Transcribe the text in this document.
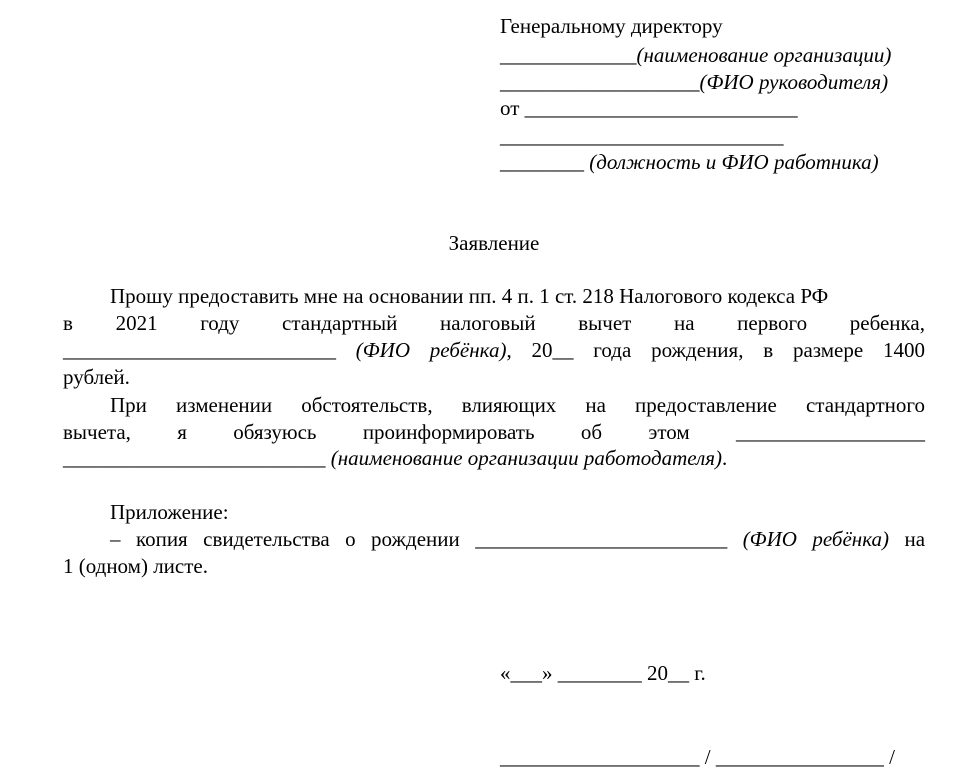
Генеральному директору
_____________(наименование организации)
___________________(ФИО руководителя)
от __________________________
___________________________
________ (должность и ФИО работника)
Заявление
Прошу предоставить мне на основании пп. 4 п. 1 ст. 218 Налогового кодекса РФ
в 2021 году стандартный налоговый вычет на первого ребенка,
__________________________ (ФИО ребёнка), 20__ года рождения, в размере 1400
рублей.
При изменении обстоятельств, влияющих на предоставление стандартного
вычета, я обязуюсь проинформировать об этом __________________
_________________________ (наименование организации работодателя).
Приложение:
– копия свидетельства о рождении ________________________ (ФИО ребёнка) на
1 (одном) листе.
«___» ________ 20__ г.
___________________ / ________________ /
